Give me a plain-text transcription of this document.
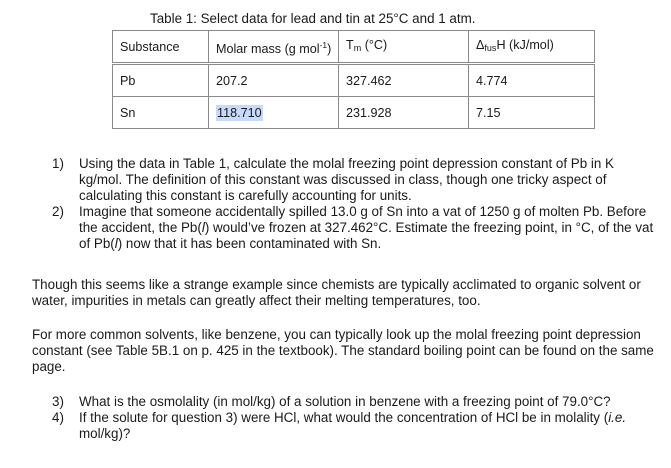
Table 1: Select data for lead and tin at 25°C and 1 atm.
Substance	Molar mass (g mol$^{-1}$)	$T_m$ (°C)	$\Delta_{fus}H$ (kJ/mol)
Pb	207.2	327.462	4.774
Sn	118.710	231.928	7.15
1) Using the data in Table 1, calculate the molal freezing point depression constant of Pb in K kg/mol. The definition of this constant was discussed in class, though one tricky aspect of calculating this constant is carefully accounting for units.
2) Imagine that someone accidentally spilled 13.0 g of Sn into a vat of 1250 g of molten Pb. Before the accident, the Pb(l) would’ve frozen at 327.462°C. Estimate the freezing point, in °C, of the vat of Pb(l) now that it has been contaminated with Sn.

Though this seems like a strange example since chemists are typically acclimated to organic solvent or water, impurities in metals can greatly affect their melting temperatures, too.

For more common solvents, like benzene, you can typically look up the molal freezing point depression constant (see Table 5B.1 on p. 425 in the textbook). The standard boiling point can be found on the same page.

3) What is the osmolality (in mol/kg) of a solution in benzene with a freezing point of 79.0°C?
4) If the solute for question 3) were HCl, what would the concentration of HCl be in molality (i.e. mol/kg)?
